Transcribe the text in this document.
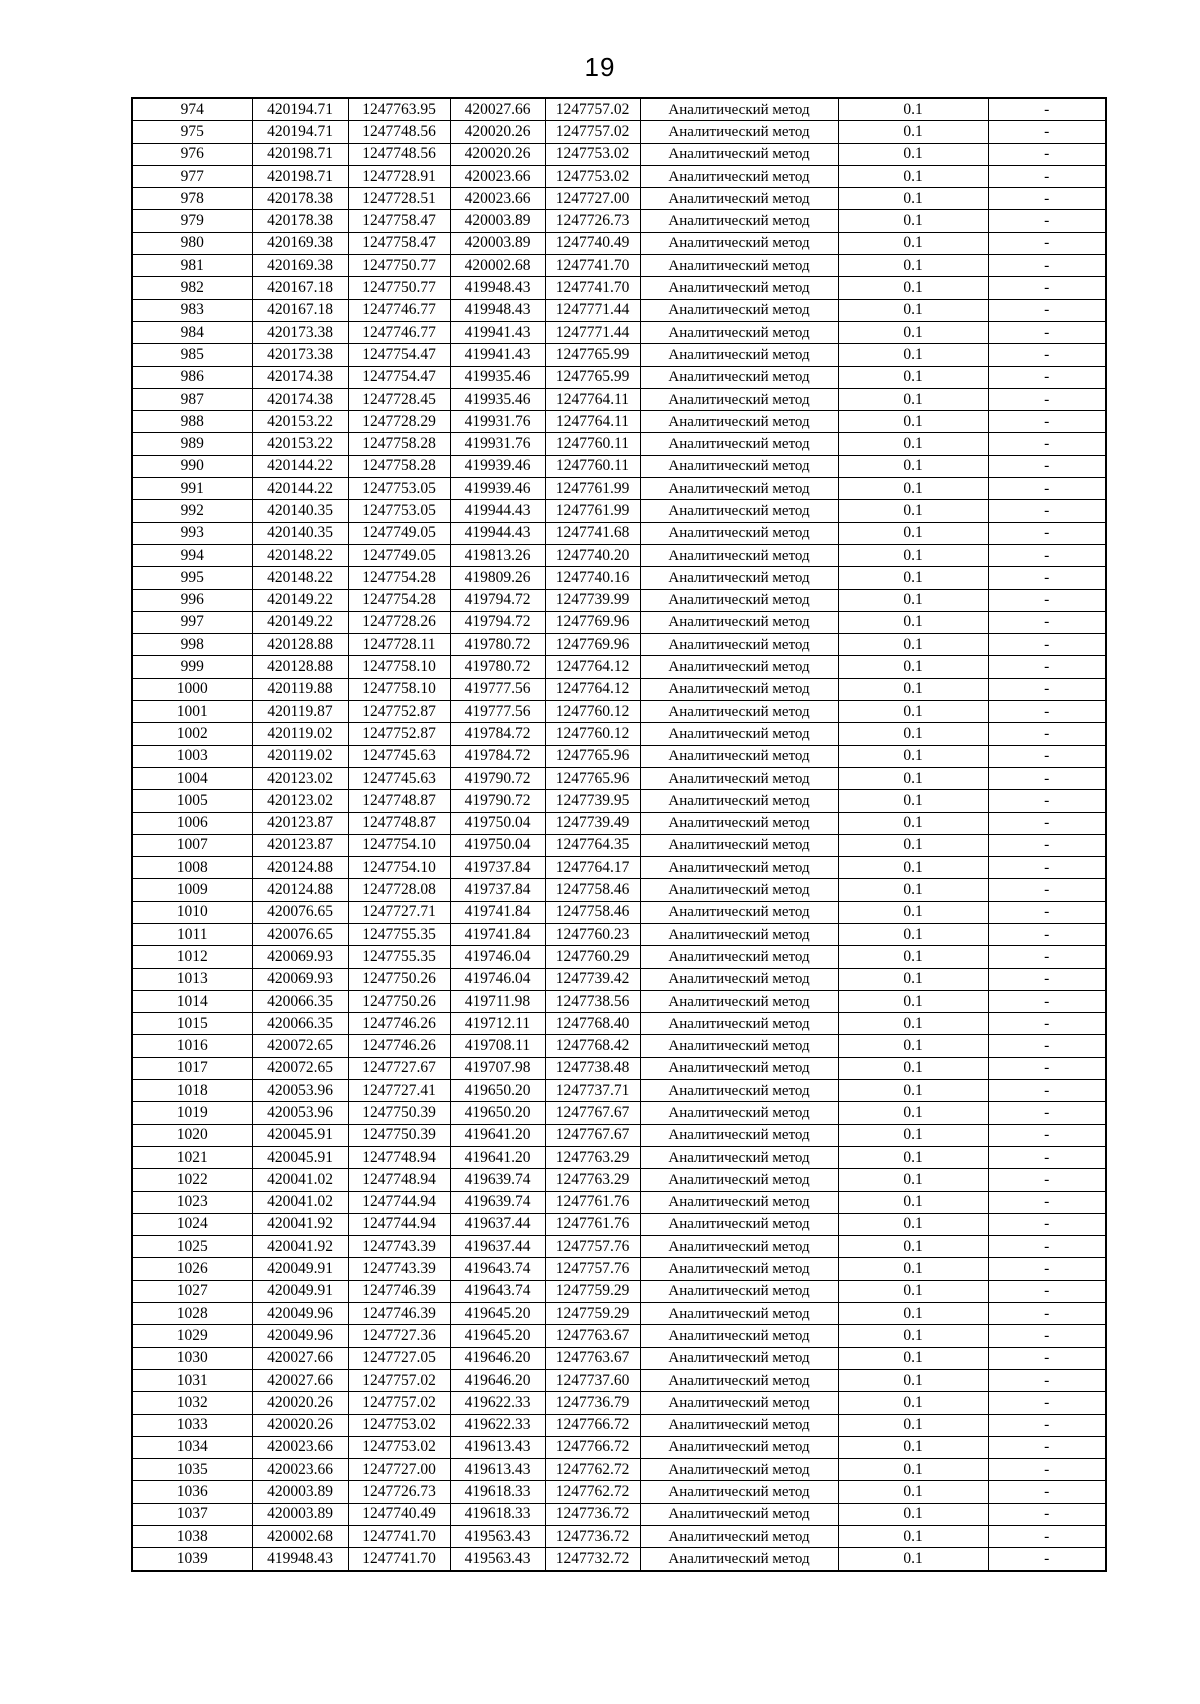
19
974	420194.71	1247763.95	420027.66	1247757.02	Аналитический метод	0.1	-
975	420194.71	1247748.56	420020.26	1247757.02	Аналитический метод	0.1	-
976	420198.71	1247748.56	420020.26	1247753.02	Аналитический метод	0.1	-
977	420198.71	1247728.91	420023.66	1247753.02	Аналитический метод	0.1	-
978	420178.38	1247728.51	420023.66	1247727.00	Аналитический метод	0.1	-
979	420178.38	1247758.47	420003.89	1247726.73	Аналитический метод	0.1	-
980	420169.38	1247758.47	420003.89	1247740.49	Аналитический метод	0.1	-
981	420169.38	1247750.77	420002.68	1247741.70	Аналитический метод	0.1	-
982	420167.18	1247750.77	419948.43	1247741.70	Аналитический метод	0.1	-
983	420167.18	1247746.77	419948.43	1247771.44	Аналитический метод	0.1	-
984	420173.38	1247746.77	419941.43	1247771.44	Аналитический метод	0.1	-
985	420173.38	1247754.47	419941.43	1247765.99	Аналитический метод	0.1	-
986	420174.38	1247754.47	419935.46	1247765.99	Аналитический метод	0.1	-
987	420174.38	1247728.45	419935.46	1247764.11	Аналитический метод	0.1	-
988	420153.22	1247728.29	419931.76	1247764.11	Аналитический метод	0.1	-
989	420153.22	1247758.28	419931.76	1247760.11	Аналитический метод	0.1	-
990	420144.22	1247758.28	419939.46	1247760.11	Аналитический метод	0.1	-
991	420144.22	1247753.05	419939.46	1247761.99	Аналитический метод	0.1	-
992	420140.35	1247753.05	419944.43	1247761.99	Аналитический метод	0.1	-
993	420140.35	1247749.05	419944.43	1247741.68	Аналитический метод	0.1	-
994	420148.22	1247749.05	419813.26	1247740.20	Аналитический метод	0.1	-
995	420148.22	1247754.28	419809.26	1247740.16	Аналитический метод	0.1	-
996	420149.22	1247754.28	419794.72	1247739.99	Аналитический метод	0.1	-
997	420149.22	1247728.26	419794.72	1247769.96	Аналитический метод	0.1	-
998	420128.88	1247728.11	419780.72	1247769.96	Аналитический метод	0.1	-
999	420128.88	1247758.10	419780.72	1247764.12	Аналитический метод	0.1	-
1000	420119.88	1247758.10	419777.56	1247764.12	Аналитический метод	0.1	-
1001	420119.87	1247752.87	419777.56	1247760.12	Аналитический метод	0.1	-
1002	420119.02	1247752.87	419784.72	1247760.12	Аналитический метод	0.1	-
1003	420119.02	1247745.63	419784.72	1247765.96	Аналитический метод	0.1	-
1004	420123.02	1247745.63	419790.72	1247765.96	Аналитический метод	0.1	-
1005	420123.02	1247748.87	419790.72	1247739.95	Аналитический метод	0.1	-
1006	420123.87	1247748.87	419750.04	1247739.49	Аналитический метод	0.1	-
1007	420123.87	1247754.10	419750.04	1247764.35	Аналитический метод	0.1	-
1008	420124.88	1247754.10	419737.84	1247764.17	Аналитический метод	0.1	-
1009	420124.88	1247728.08	419737.84	1247758.46	Аналитический метод	0.1	-
1010	420076.65	1247727.71	419741.84	1247758.46	Аналитический метод	0.1	-
1011	420076.65	1247755.35	419741.84	1247760.23	Аналитический метод	0.1	-
1012	420069.93	1247755.35	419746.04	1247760.29	Аналитический метод	0.1	-
1013	420069.93	1247750.26	419746.04	1247739.42	Аналитический метод	0.1	-
1014	420066.35	1247750.26	419711.98	1247738.56	Аналитический метод	0.1	-
1015	420066.35	1247746.26	419712.11	1247768.40	Аналитический метод	0.1	-
1016	420072.65	1247746.26	419708.11	1247768.42	Аналитический метод	0.1	-
1017	420072.65	1247727.67	419707.98	1247738.48	Аналитический метод	0.1	-
1018	420053.96	1247727.41	419650.20	1247737.71	Аналитический метод	0.1	-
1019	420053.96	1247750.39	419650.20	1247767.67	Аналитический метод	0.1	-
1020	420045.91	1247750.39	419641.20	1247767.67	Аналитический метод	0.1	-
1021	420045.91	1247748.94	419641.20	1247763.29	Аналитический метод	0.1	-
1022	420041.02	1247748.94	419639.74	1247763.29	Аналитический метод	0.1	-
1023	420041.02	1247744.94	419639.74	1247761.76	Аналитический метод	0.1	-
1024	420041.92	1247744.94	419637.44	1247761.76	Аналитический метод	0.1	-
1025	420041.92	1247743.39	419637.44	1247757.76	Аналитический метод	0.1	-
1026	420049.91	1247743.39	419643.74	1247757.76	Аналитический метод	0.1	-
1027	420049.91	1247746.39	419643.74	1247759.29	Аналитический метод	0.1	-
1028	420049.96	1247746.39	419645.20	1247759.29	Аналитический метод	0.1	-
1029	420049.96	1247727.36	419645.20	1247763.67	Аналитический метод	0.1	-
1030	420027.66	1247727.05	419646.20	1247763.67	Аналитический метод	0.1	-
1031	420027.66	1247757.02	419646.20	1247737.60	Аналитический метод	0.1	-
1032	420020.26	1247757.02	419622.33	1247736.79	Аналитический метод	0.1	-
1033	420020.26	1247753.02	419622.33	1247766.72	Аналитический метод	0.1	-
1034	420023.66	1247753.02	419613.43	1247766.72	Аналитический метод	0.1	-
1035	420023.66	1247727.00	419613.43	1247762.72	Аналитический метод	0.1	-
1036	420003.89	1247726.73	419618.33	1247762.72	Аналитический метод	0.1	-
1037	420003.89	1247740.49	419618.33	1247736.72	Аналитический метод	0.1	-
1038	420002.68	1247741.70	419563.43	1247736.72	Аналитический метод	0.1	-
1039	419948.43	1247741.70	419563.43	1247732.72	Аналитический метод	0.1	-
